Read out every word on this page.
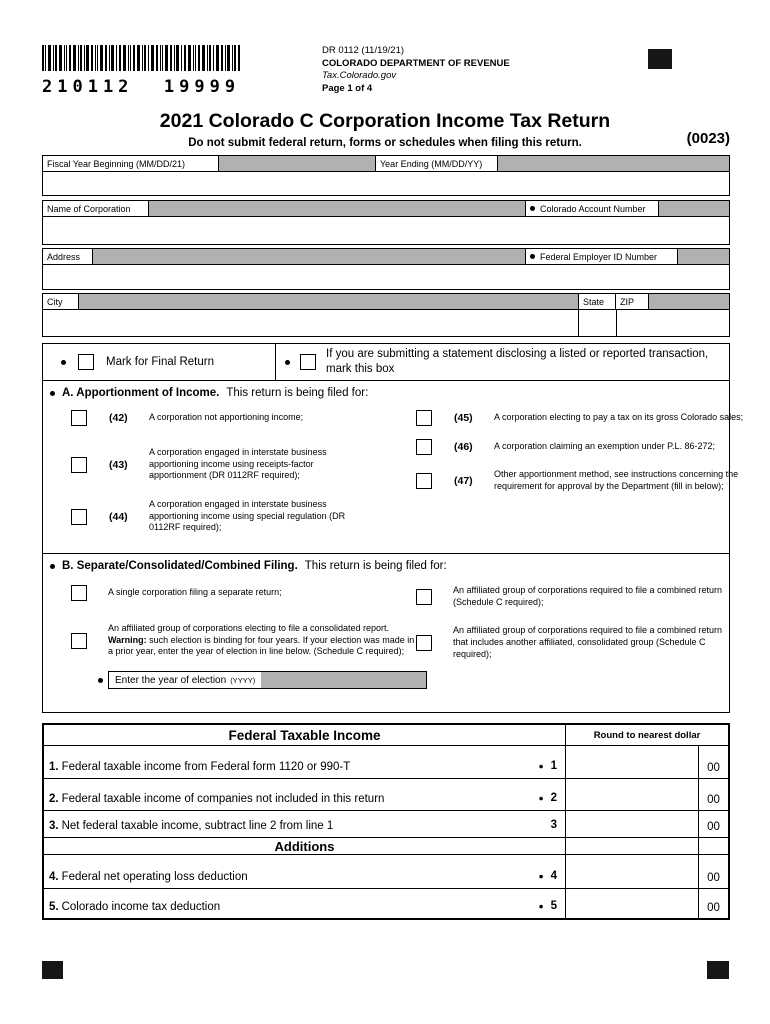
210112  19999
DR 0112 (11/19/21)
COLORADO DEPARTMENT OF REVENUE
Tax.Colorado.gov
Page 1 of 4
2021 Colorado C Corporation Income Tax Return
Do not submit federal return, forms or schedules when filing this return.	(0023)
Fiscal Year Beginning (MM/DD/21)	Year Ending (MM/DD/YY)
Name of Corporation	Colorado Account Number
Address	Federal Employer ID Number
City	State ZIP
Mark for Final Return
If you are submitting a statement disclosing a listed or reported transaction, mark this box
A. Apportionment of Income. This return is being filed for:
(42)	A corporation not apportioning income;
(43)
A corporation engaged in interstate business apportioning income using receipts-factor apportionment (DR 0112RF required);
(44)
A corporation engaged in interstate business apportioning income using special regulation (DR 0112RF required);
(45)	A corporation electing to pay a tax on its gross Colorado sales;
(46)	A corporation claiming an exemption under P.L. 86-272;
(47)
Other apportionment method, see instructions concerning the requirement for approval by the Department (fill in below);
B. Separate/Consolidated/Combined Filing. This return is being filed for:
A single corporation filing a separate return;
An affiliated group of corporations electing to file a consolidated report. Warning: such election is binding for four years. If your election was made in a prior year, enter the year of election in line below. (Schedule C required);
An affiliated group of corporations required to file a combined return (Schedule C required);
An affiliated group of corporations required to file a combined return that includes another affiliated, consolidated group (Schedule C required);
Enter the year of election (YYYY)
Federal Taxable Income	Round to nearest dollar
1. Federal taxable income from Federal form 1120 or 990-T	● 1	00
2. Federal taxable income of companies not included in this return	● 2	00
3. Net federal taxable income, subtract line 2 from line 1	3	00
Additions
4. Federal net operating loss deduction	● 4	00
5. Colorado income tax deduction	● 5	00
